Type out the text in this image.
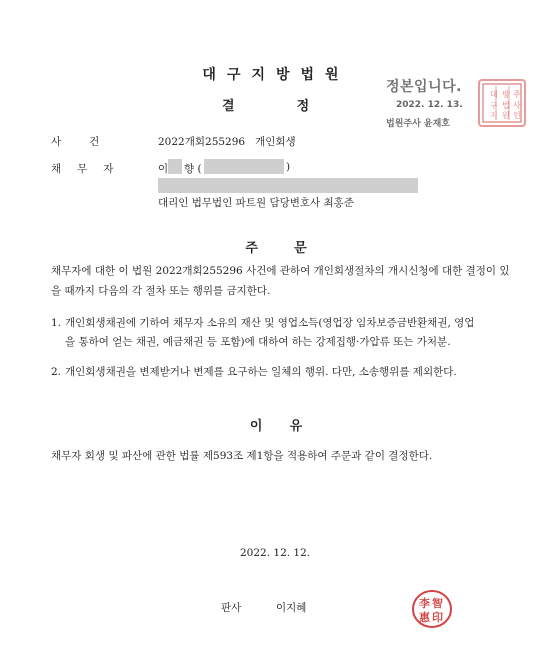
대구지방법원
결	정
정본입니다.
2022. 12. 13.
법원주사 윤재호
대
구
지
방
법
원
주
사
인
사건	2022개회255296   개인회생
채무자	이 향 (	)
대리인 법무법인 파트원 담당변호사 최홍준
주        문
채무자에 대한 이 법원 2022개회255296 사건에 관하여 개인회생절차의 개시신청에 대한 결정이 있을 때까지 다음의 각 절차 또는 행위를 금지한다.
1. 개인회생채권에 기하여 채무자 소유의 재산 및 영업소득(영업장 임차보증금반환채권, 영업을 통하여 얻는 채권, 예금채권 등 포함)에 대하여 하는 강제집행·가압류 또는 가처분.
2. 개인회생채권을 변제받거나 변제를 요구하는 일체의 행위. 다만, 소송행위를 제외한다.
이      유
채무자 회생 및 파산에 관한 법률 제593조 제1항을 적용하여 주문과 같이 결정한다.
2022. 12. 12.
판사	이지혜	李 智
惠 印
